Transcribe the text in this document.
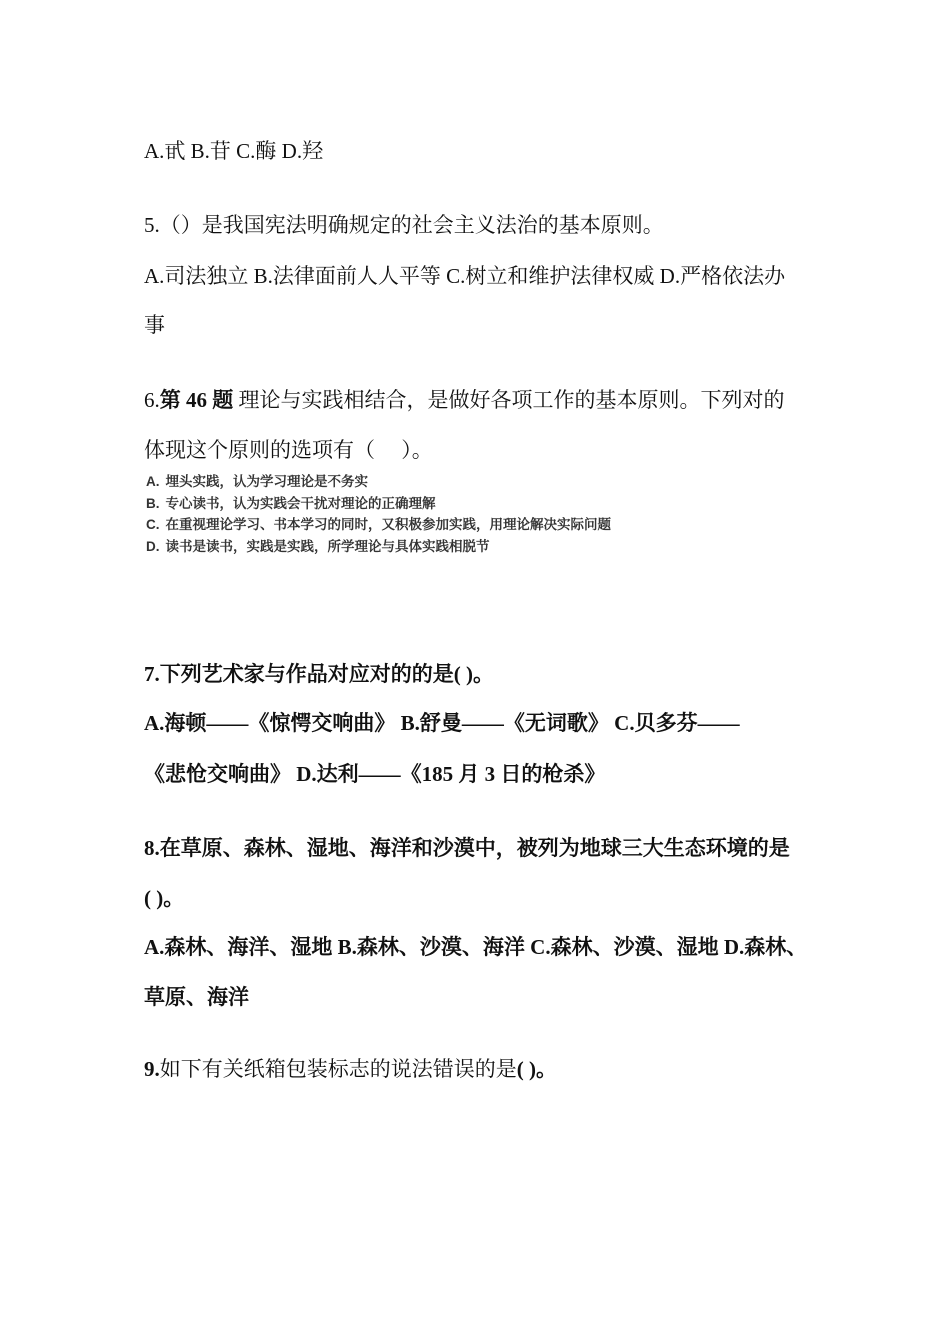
A.甙 B.苷 C.酶 D.羟
5.（）是我国宪法明确规定的社会主义法治的基本原则。
A.司法独立 B.法律面前人人平等 C.树立和维护法律权威 D.严格依法办
事
6.第 46 题 理论与实践相结合，是做好各项工作的基本原则。下列对的
体现这个原则的选项有（　 ）。
A. 埋头实践，认为学习理论是不务实
B. 专心读书，认为实践会干扰对理论的正确理解
C. 在重视理论学习、书本学习的同时，又积极参加实践，用理论解决实际问题
D. 读书是读书，实践是实践，所学理论与具体实践相脱节
7.下列艺术家与作品对应对的的是( )。
A.海顿——《惊愕交响曲》 B.舒曼——《无词歌》 C.贝多芬——
《悲怆交响曲》 D.达利——《185 月 3 日的枪杀》
8.在草原、森林、湿地、海洋和沙漠中，被列为地球三大生态环境的是
( )。
A.森林、海洋、湿地 B.森林、沙漠、海洋 C.森林、沙漠、湿地 D.森林、
草原、海洋
9.如下有关纸箱包装标志的说法错误的是( )。
